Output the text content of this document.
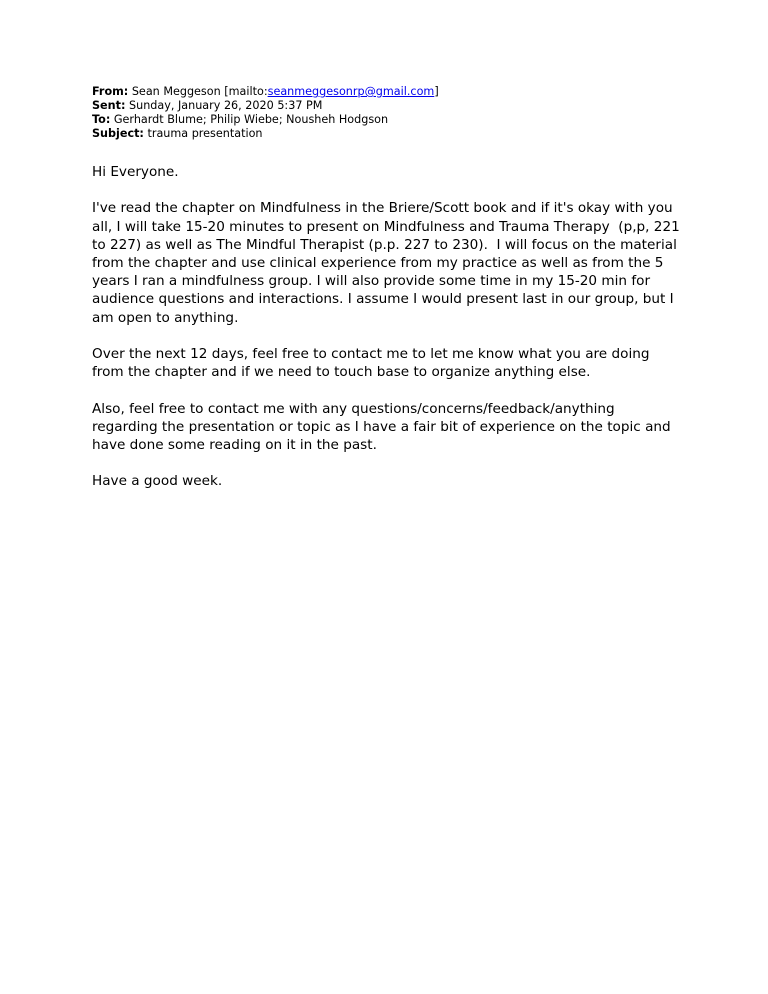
From: Sean Meggeson [mailto:seanmeggesonrp@gmail.com]
Sent: Sunday, January 26, 2020 5:37 PM
To: Gerhardt Blume; Philip Wiebe; Nousheh Hodgson
Subject: trauma presentation

Hi Everyone.

I've read the chapter on Mindfulness in the Briere/Scott book and if it's okay with you all, I will take 15-20 minutes to present on Mindfulness and Trauma Therapy  (p,p, 221 to 227) as well as The Mindful Therapist (p.p. 227 to 230).  I will focus on the material from the chapter and use clinical experience from my practice as well as from the 5 years I ran a mindfulness group. I will also provide some time in my 15-20 min for audience questions and interactions. I assume I would present last in our group, but I am open to anything.

Over the next 12 days, feel free to contact me to let me know what you are doing from the chapter and if we need to touch base to organize anything else.

Also, feel free to contact me with any questions/concerns/feedback/anything regarding the presentation or topic as I have a fair bit of experience on the topic and have done some reading on it in the past.

Have a good week.
